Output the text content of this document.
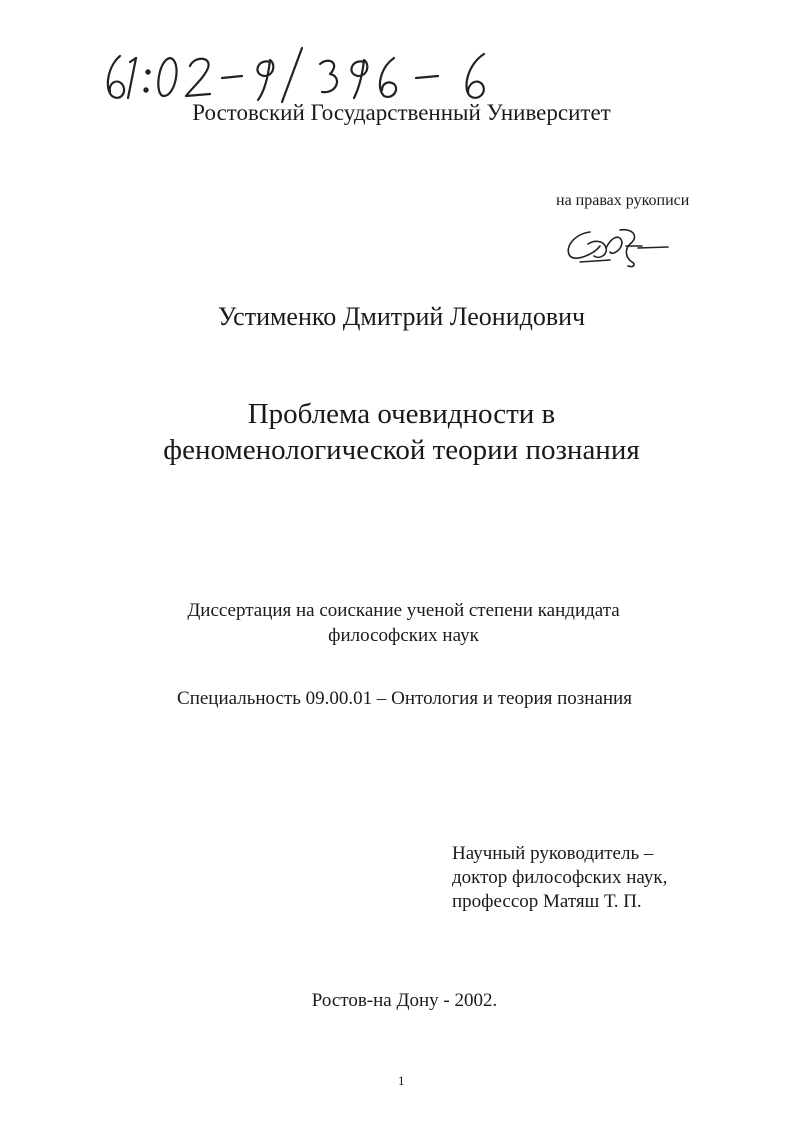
Ростовский Государственный Университет
на правах рукописи
Устименко Дмитрий Леонидович
Проблема очевидности в
феноменологической теории познания
Диссертация на соискание ученой степени кандидата
философских наук
Специальность 09.00.01 – Онтология и теория познания
Научный руководитель –
доктор философских наук,
профессор Матяш Т. П.
Ростов-на Дону - 2002.
1
